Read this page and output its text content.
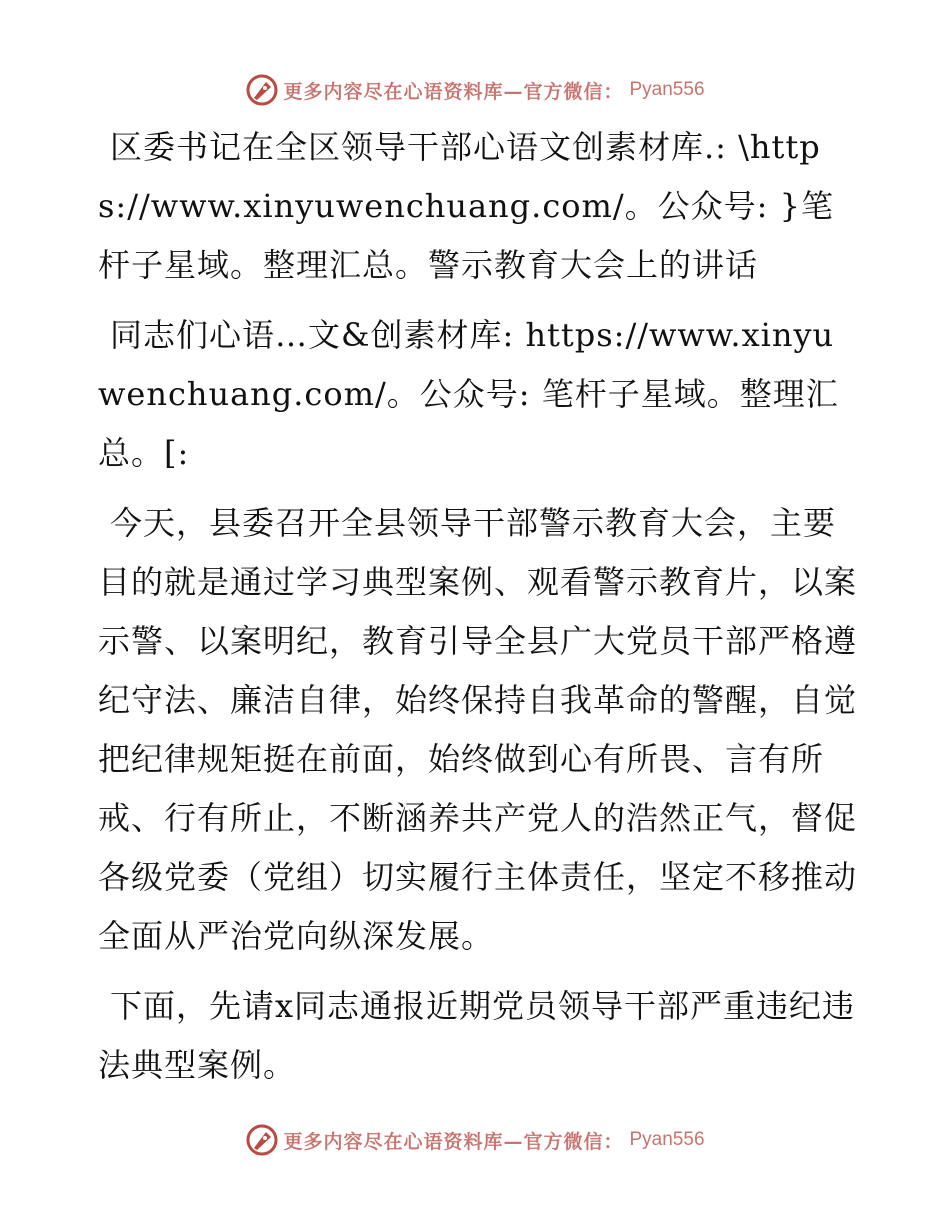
更多内容尽在心语资料库—官方微信： Pyan556

区委书记在全区领导干部心语文创素材库.: \https://www.xinyuwenchuang.com/。公众号: }笔杆子星域。整理汇总。警示教育大会上的讲话

同志们心语…文&创素材库: https://www.xinyuwenchuang.com/。公众号: 笔杆子星域。整理汇总。[:

今天，县委召开全县领导干部警示教育大会，主要目的就是通过学习典型案例、观看警示教育片，以案示警、以案明纪，教育引导全县广大党员干部严格遵纪守法、廉洁自律，始终保持自我革命的警醒，自觉把纪律规矩挺在前面，始终做到心有所畏、言有所戒、行有所止，不断涵养共产党人的浩然正气，督促各级党委（党组）切实履行主体责任，坚定不移推动全面从严治党向纵深发展。

下面，先请x同志通报近期党员领导干部严重违纪违法典型案例。

更多内容尽在心语资料库—官方微信： Pyan556
